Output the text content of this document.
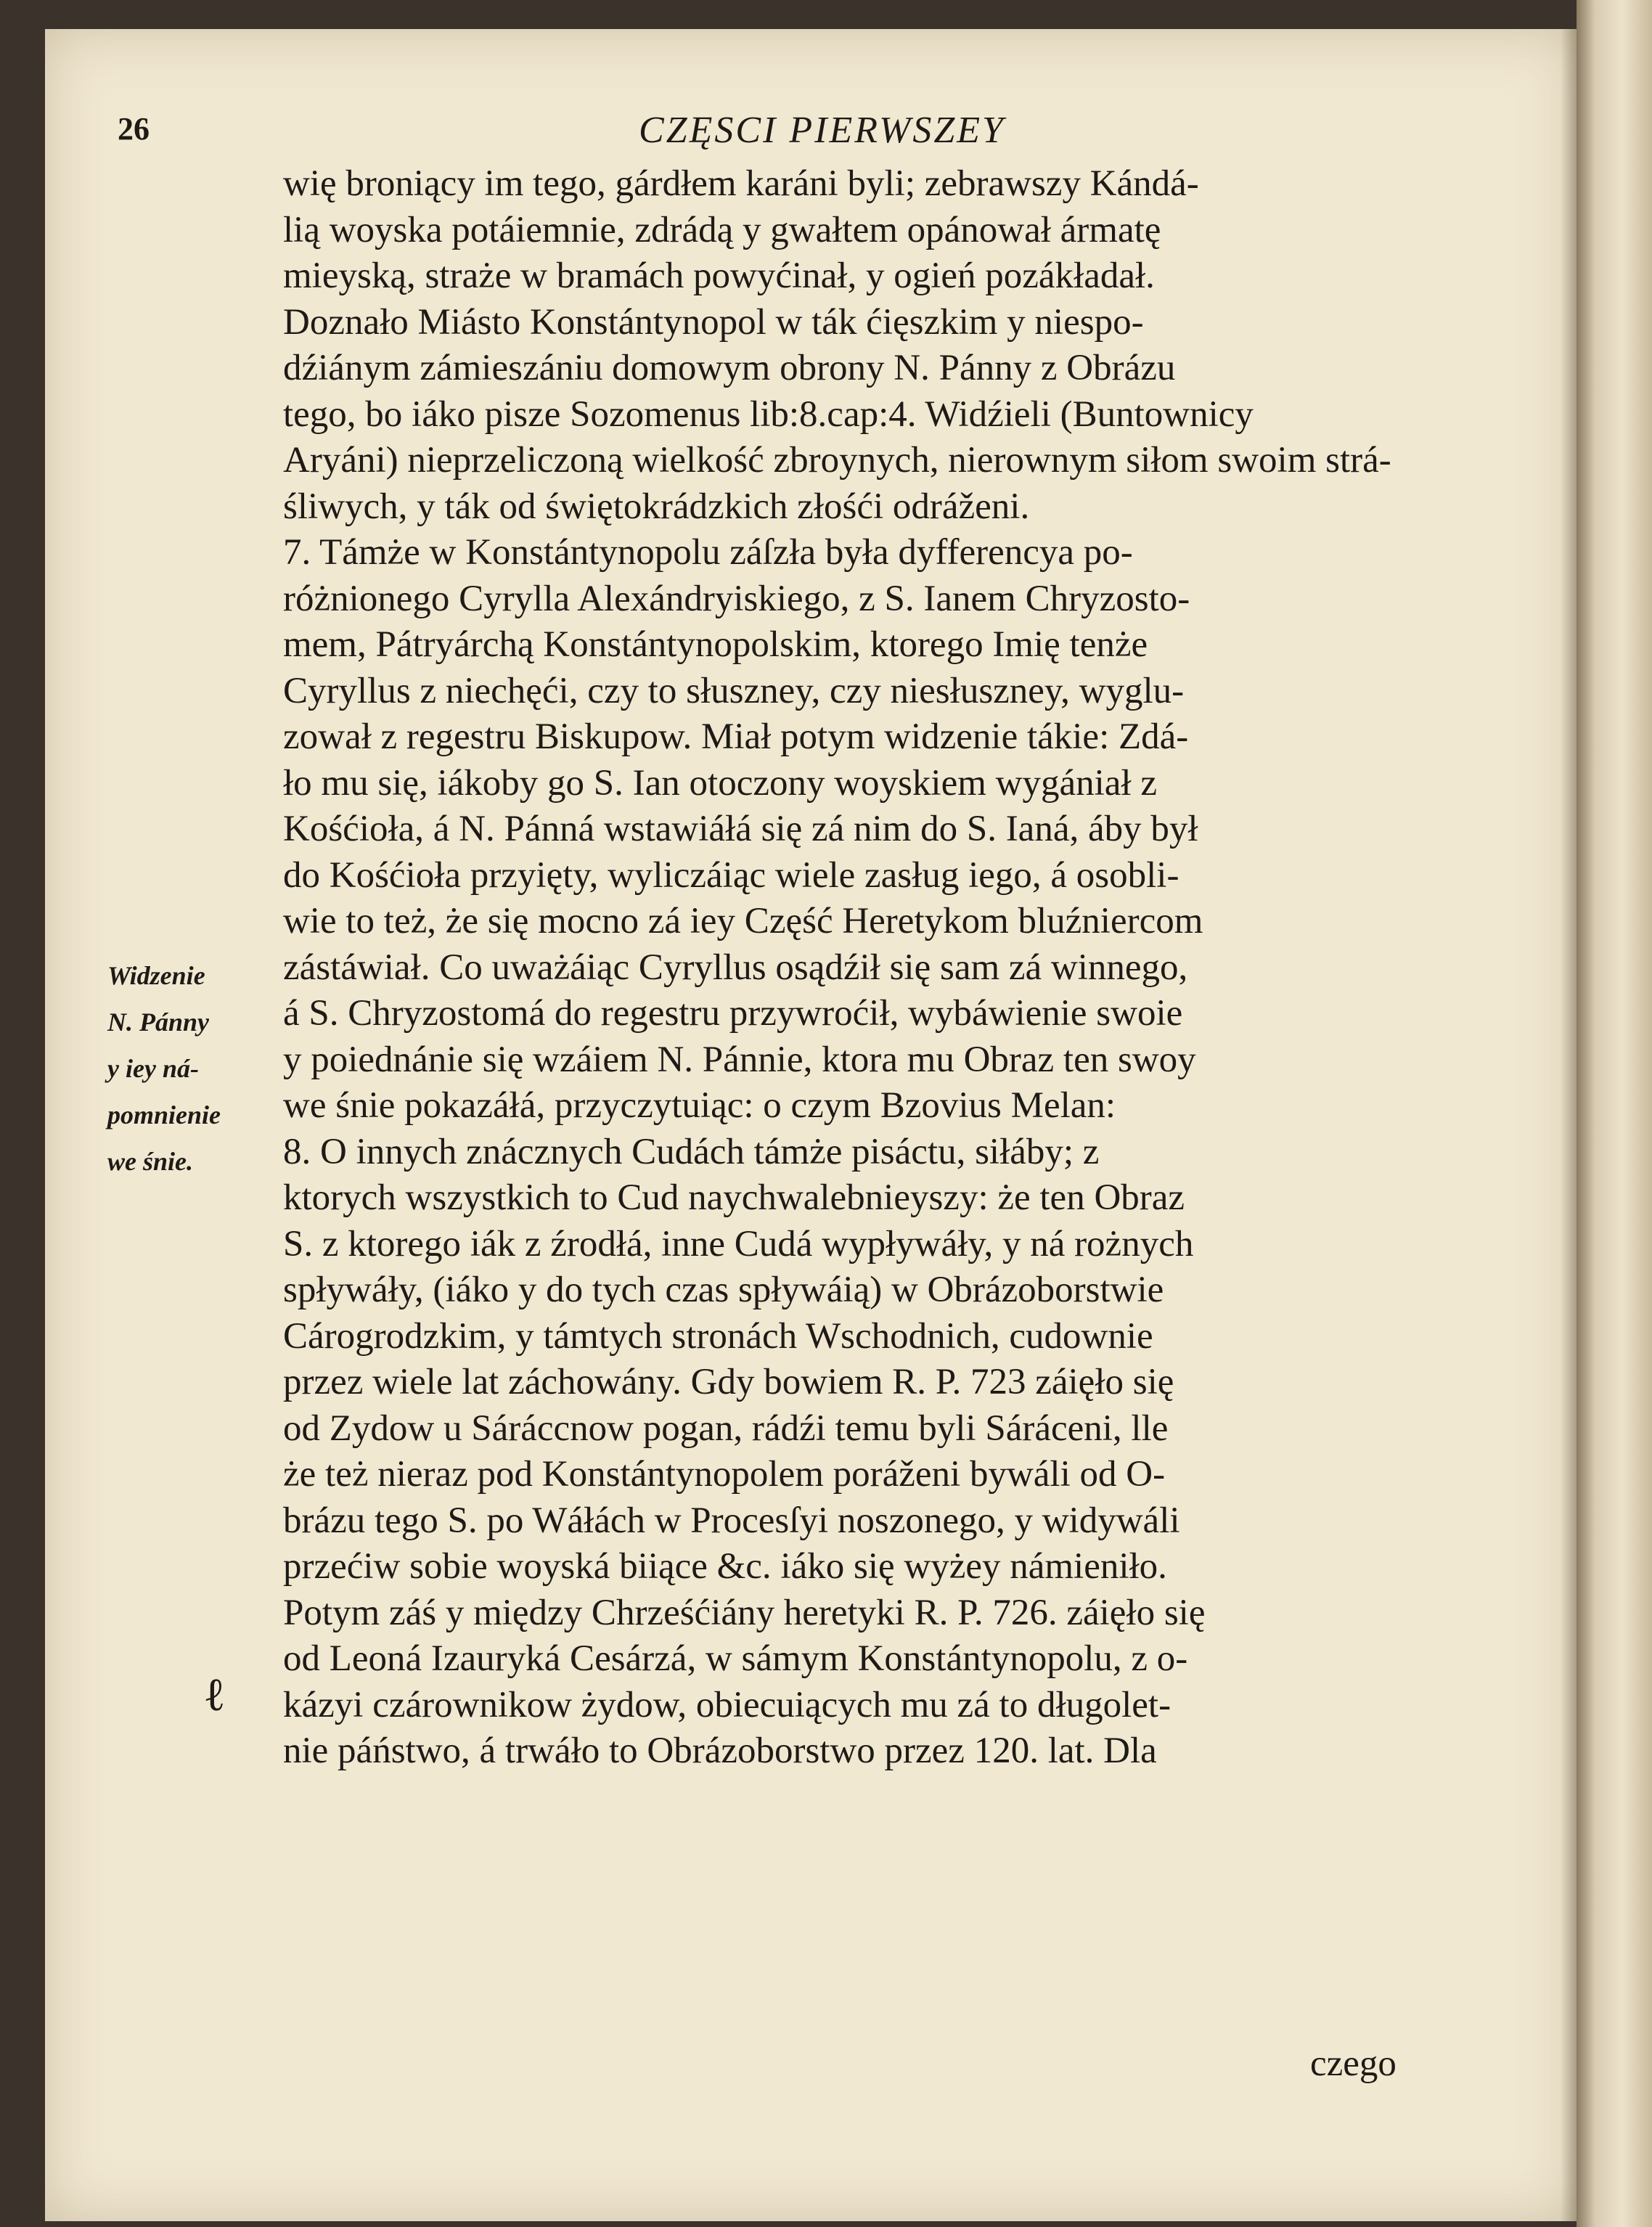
26	CZĘSCI PIERWSZEY
wię broniący im tego, gárdłem karáni byli; zebrawszy Kándá-
lią woyska potáiemnie, zdrádą y gwałtem opánował ármatę
mieyską, straże w bramách powyćinał, y ogień pozákładał.
Doznało Miásto Konstántynopol w ták ćięszkim y niespo-
dźiánym zámieszániu domowym obrony N. Pánny z Obrázu
tego, bo iáko pisze Sozomenus lib:8.cap:4. Widźieli (Buntownicy
Aryáni) nieprzeliczoną wielkość zbroynych, nierownym siłom swoim strá-
śliwych, y ták od świętokrádzkich złośći odráženi.
7. Támże w Konstántynopolu záſzła była dyfferencya po-
różnionego Cyrylla Alexándryiskiego, z S. Ianem Chryzosto-
mem, Pátryárchą Konstántynopolskim, ktorego Imię tenże
Cyryllus z niechęći, czy to słuszney, czy niesłuszney, wyglu-
zował z regestru Biskupow. Miał potym widzenie tákie: Zdá-
ło mu się, iákoby go S. Ian otoczony woyskiem wygániał z
Kośćioła, á N. Pánná wstawiáłá się zá nim do S. Ianá, áby był
do Kośćioła przyięty, wyliczáiąc wiele zasług iego, á osobli-
wie to też, że się mocno zá iey Część Heretykom bluźniercom
zástáwiał. Co uważáiąc Cyryllus osądźił się sam zá winnego,
á S. Chryzostomá do regestru przywroćił, wybáwienie swoie
y poiednánie się wzáiem N. Pánnie, ktora mu Obraz ten swoy
we śnie pokazáłá, przyczytuiąc: o czym Bzovius Melan:
8. O innych znácznych Cudách támże pisáctu, siłáby; z
ktorych wszystkich to Cud naychwalebnieyszy: że ten Obraz
S. z ktorego iák z źrodłá, inne Cudá wypływáły, y ná rożnych
spływáły, (iáko y do tych czas spływáią) w Obrázoborstwie
Cárogrodzkim, y támtych stronách Wschodnich, cudownie
przez wiele lat záchowány. Gdy bowiem R. P. 723 záięło się
od Zydow u Sáráccnow pogan, rádźi temu byli Sáráceni, lle
że też nieraz pod Konstántynopolem poráženi bywáli od O-
brázu tego S. po Wáłách w Procesſyi noszonego, y widywáli
przećiw sobie woyská biiące &c. iáko się wyżey námieniło.
Potym záś y między Chrześćiány heretyki R. P. 726. záięło się
od Leoná Izauryká Cesárzá, w sámym Konstántynopolu, z o-
kázyi czárownikow żydow, obiecuiących mu zá to długolet-
nie páństwo, á trwáło to Obrázoborstwo przez 120. lat. Dla
Widzenie
N. Pánny
y iey ná-
pomnienie
we śnie.
ℓ
czego
